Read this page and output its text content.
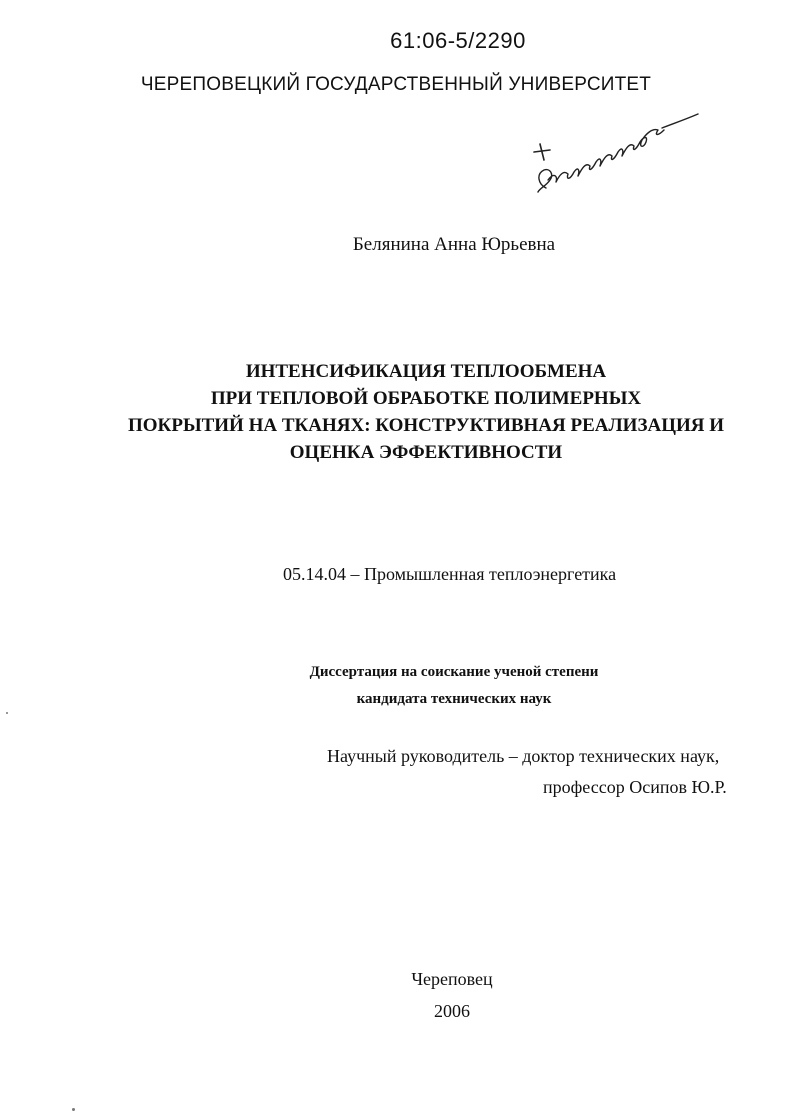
61:06-5/2290
ЧЕРЕПОВЕЦКИЙ ГОСУДАРСТВЕННЫЙ УНИВЕРСИТЕТ
Белянина Анна Юрьевна
ИНТЕНСИФИКАЦИЯ ТЕПЛООБМЕНА
ПРИ ТЕПЛОВОЙ ОБРАБОТКЕ ПОЛИМЕРНЫХ
ПОКРЫТИЙ НА ТКАНЯХ: КОНСТРУКТИВНАЯ РЕАЛИЗАЦИЯ И
ОЦЕНКА ЭФФЕКТИВНОСТИ
05.14.04 – Промышленная теплоэнергетика
Диссертация на соискание ученой степени
кандидата технических наук
Научный руководитель – доктор технических наук,
профессор Осипов Ю.Р.
Череповец
2006
